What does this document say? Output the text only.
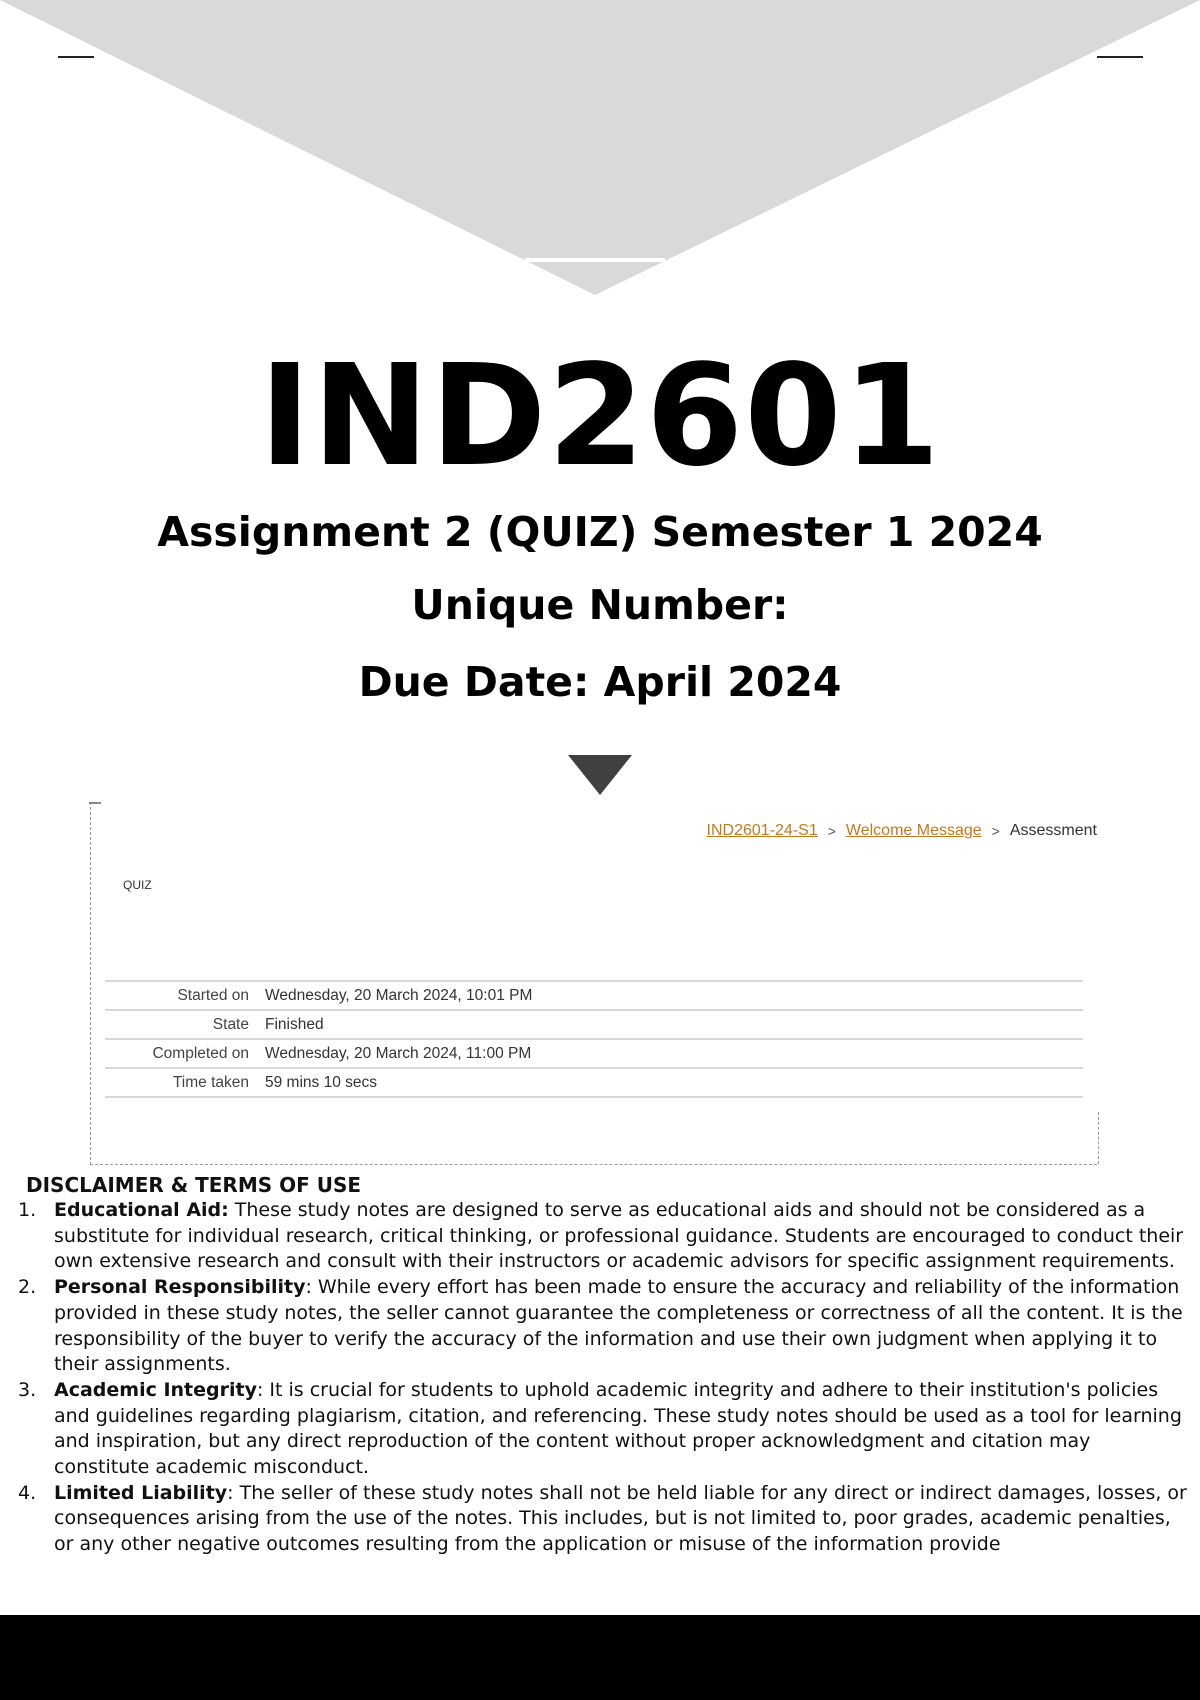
IND2601
Assignment 2 (QUIZ) Semester 1 2024
Unique Number:
Due Date: April 2024
IND2601-24-S1 > Welcome Message > Assessment
QUIZ
Started on	Wednesday, 20 March 2024, 10:01 PM
State	Finished
Completed on	Wednesday, 20 March 2024, 11:00 PM
Time taken	59 mins 10 secs
DISCLAIMER & TERMS OF USE
1. Educational Aid: These study notes are designed to serve as educational aids and should not be considered as a substitute for individual research, critical thinking, or professional guidance. Students are encouraged to conduct their own extensive research and consult with their instructors or academic advisors for specific assignment requirements.
2. Personal Responsibility: While every effort has been made to ensure the accuracy and reliability of the information provided in these study notes, the seller cannot guarantee the completeness or correctness of all the content. It is the responsibility of the buyer to verify the accuracy of the information and use their own judgment when applying it to their assignments.
3. Academic Integrity: It is crucial for students to uphold academic integrity and adhere to their institution's policies and guidelines regarding plagiarism, citation, and referencing. These study notes should be used as a tool for learning and inspiration, but any direct reproduction of the content without proper acknowledgment and citation may constitute academic misconduct.
4. Limited Liability: The seller of these study notes shall not be held liable for any direct or indirect damages, losses, or consequences arising from the use of the notes. This includes, but is not limited to, poor grades, academic penalties, or any other negative outcomes resulting from the application or misuse of the information provide
